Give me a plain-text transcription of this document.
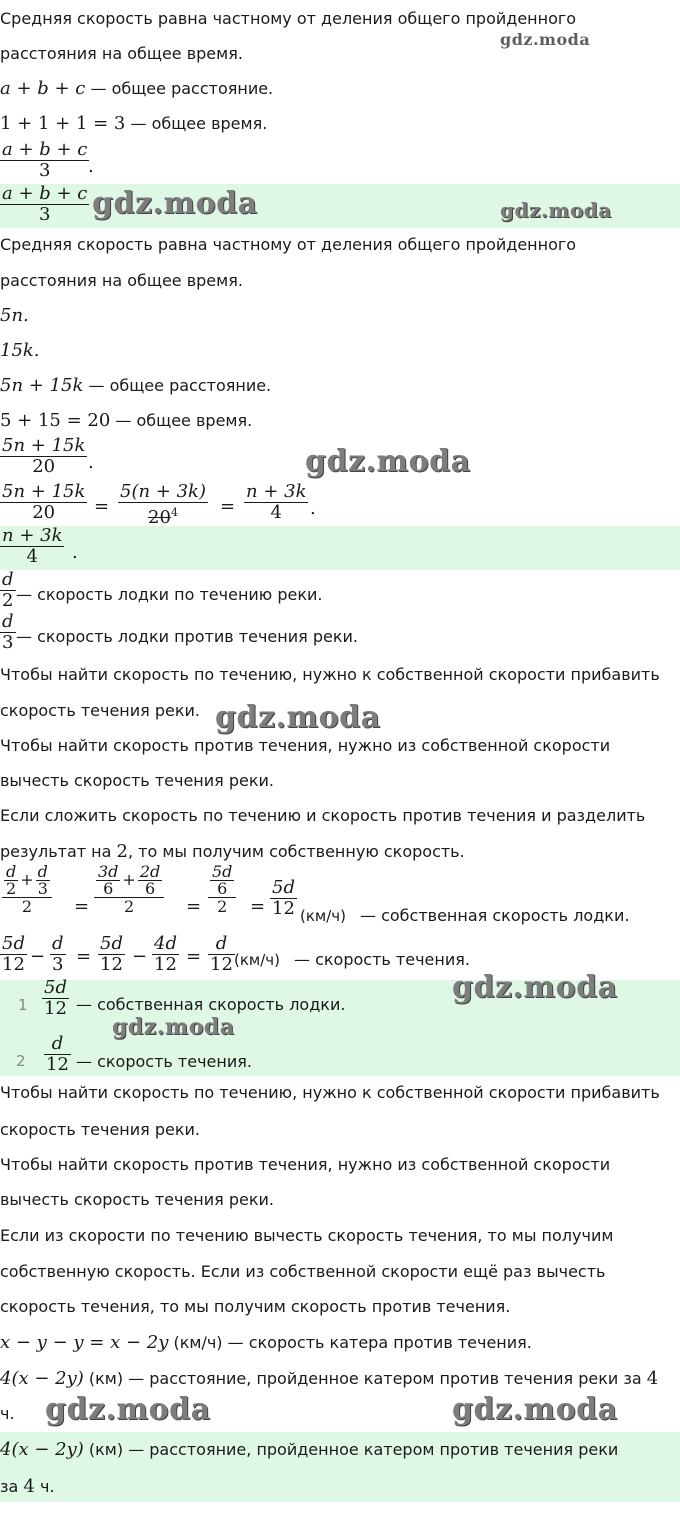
Средняя скорость равна частному от деления общего пройденного
расстояния на общее время.
a + b + c — общее расстояние.
1 + 1 + 1 = 3 — общее время.
a + b + c
3	.
a + b + c
3
Средняя скорость равна частному от деления общего пройденного
расстояния на общее время.
5n.
15k.
5n + 15k — общее расстояние.
5 + 15 = 20 — общее время.
5n + 15k
20	.
5n + 15k
20	=
5(n + 3k)
$20^4$	=
n + 3k
4	.
n + 3k
4	.
d
2 — скорость лодки по течению реки.
d
3 — скорость лодки против течения реки.
Чтобы найти скорость по течению, нужно к собственной скорости прибавить
скорость течения реки.
Чтобы найти скорость против течения, нужно из собственной скорости
вычесть скорость течения реки.
Если сложить скорость по течению и скорость против течения и разделить
результат на 2, то мы получим собственную скорость.
$\frac{d}{2} + \frac{d}{3}$
2	=
$\frac{3d}{6} + \frac{2d}{6}$
2	=
$\frac{5d}{6}$
2	=
5d
12 (км/ч) — собственная скорость лодки.
5d
12 −
d
3 =
5d
12 −
4d
12 =
d
12 (км/ч) — скорость течения.
1
5d
12 — собственная скорость лодки.
2
d
12 — скорость течения.
Чтобы найти скорость по течению, нужно к собственной скорости прибавить
скорость течения реки.
Чтобы найти скорость против течения, нужно из собственной скорости
вычесть скорость течения реки.
Если из скорости по течению вычесть скорость течения, то мы получим
собственную скорость. Если из собственной скорости ещё раз вычесть
скорость течения, то мы получим скорость против течения.
x − y − y = x − 2y (км/ч) — скорость катера против течения.
4(x − 2y) (км) — расстояние, пройденное катером против течения реки за 4
ч.
4(x − 2y) (км) — расстояние, пройденное катером против течения реки
за 4 ч.
gdz.moda
gdz.moda	gdz.moda
gdz.moda
gdz.moda
gdz.moda
gdz.moda
gdz.moda	gdz.moda
